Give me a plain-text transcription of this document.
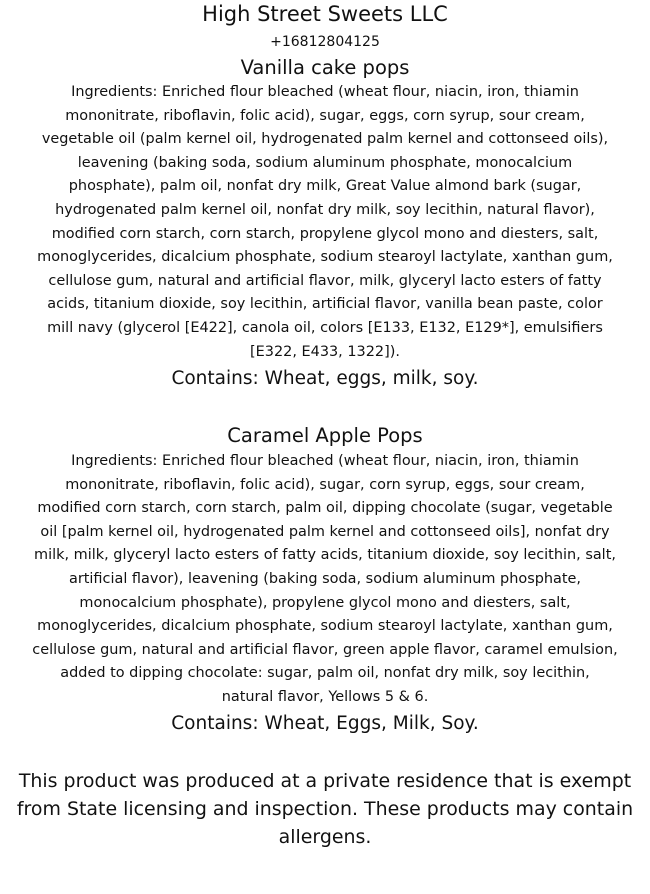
High Street Sweets LLC
+16812804125
Vanilla cake pops
Ingredients: Enriched flour bleached (wheat flour, niacin, iron, thiamin
mononitrate, riboflavin, folic acid), sugar, eggs, corn syrup, sour cream,
vegetable oil (palm kernel oil, hydrogenated palm kernel and cottonseed oils),
leavening (baking soda, sodium aluminum phosphate, monocalcium
phosphate), palm oil, nonfat dry milk, Great Value almond bark (sugar,
hydrogenated palm kernel oil, nonfat dry milk, soy lecithin, natural flavor),
modified corn starch, corn starch, propylene glycol mono and diesters, salt,
monoglycerides, dicalcium phosphate, sodium stearoyl lactylate, xanthan gum,
cellulose gum, natural and artificial flavor, milk, glyceryl lacto esters of fatty
acids, titanium dioxide, soy lecithin, artificial flavor, vanilla bean paste, color
mill navy (glycerol [E422], canola oil, colors [E133, E132, E129*], emulsifiers
[E322, E433, 1322]).
Contains: Wheat, eggs, milk, soy.
Caramel Apple Pops
Ingredients: Enriched flour bleached (wheat flour, niacin, iron, thiamin
mononitrate, riboflavin, folic acid), sugar, corn syrup, eggs, sour cream,
modified corn starch, corn starch, palm oil, dipping chocolate (sugar, vegetable
oil [palm kernel oil, hydrogenated palm kernel and cottonseed oils], nonfat dry
milk, milk, glyceryl lacto esters of fatty acids, titanium dioxide, soy lecithin, salt,
artificial flavor), leavening (baking soda, sodium aluminum phosphate,
monocalcium phosphate), propylene glycol mono and diesters, salt,
monoglycerides, dicalcium phosphate, sodium stearoyl lactylate, xanthan gum,
cellulose gum, natural and artificial flavor, green apple flavor, caramel emulsion,
added to dipping chocolate: sugar, palm oil, nonfat dry milk, soy lecithin,
natural flavor, Yellows 5 & 6.
Contains: Wheat, Eggs, Milk, Soy.
This product was produced at a private residence that is exempt
from State licensing and inspection. These products may contain
allergens.
